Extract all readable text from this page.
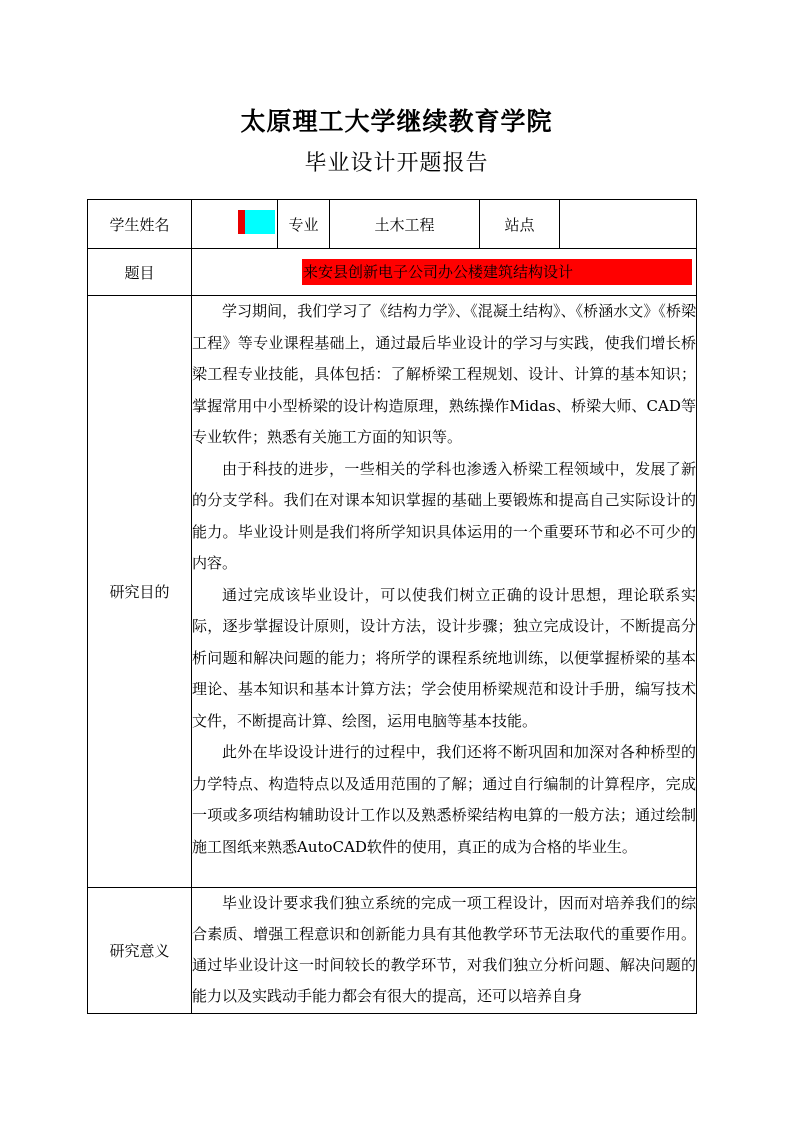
太原理工大学继续教育学院
毕业设计开题报告
学生姓名		专业	土木工程	站点	
题目	来安县创新电子公司办公楼建筑结构设计				

研究目的	学习期间，我们学习了《结构力学》、《混凝土结构》、《桥涵水文》《桥梁工程》等专业课程基础上，通过最后毕业设计的学习与实践，使我们增长桥梁工程专业技能，具体包括：了解桥梁工程规划、设计、计算的基本知识；掌握常用中小型桥梁的设计构造原理，熟练操作Midas、桥梁大师、CAD等专业软件；熟悉有关施工方面的知识等。

由于科技的进步，一些相关的学科也渗透入桥梁工程领域中，发展了新的分支学科。我们在对课本知识掌握的基础上要锻炼和提高自己实际设计的能力。毕业设计则是我们将所学知识具体运用的一个重要环节和必不可少的内容。

通过完成该毕业设计，可以使我们树立正确的设计思想，理论联系实际，逐步掌握设计原则，设计方法，设计步骤；独立完成设计，不断提高分析问题和解决问题的能力；将所学的课程系统地训练，以便掌握桥梁的基本理论、基本知识和基本计算方法；学会使用桥梁规范和设计手册，编写技术文件，不断提高计算、绘图，运用电脑等基本技能。

此外在毕设设计进行的过程中，我们还将不断巩固和加深对各种桥型的力学特点、构造特点以及适用范围的了解；通过自行编制的计算程序，完成一项或多项结构辅助设计工作以及熟悉桥梁结构电算的一般方法；通过绘制施工图纸来熟悉AutoCAD软件的使用，真正的成为合格的毕业生。				

研究意义	毕业设计要求我们独立系统的完成一项工程设计，因而对培养我们的综合素质、增强工程意识和创新能力具有其他教学环节无法取代的重要作用。通过毕业设计这一时间较长的教学环节，对我们独立分析问题、解决问题的能力以及实践动手能力都会有很大的提高，还可以培养自身				
